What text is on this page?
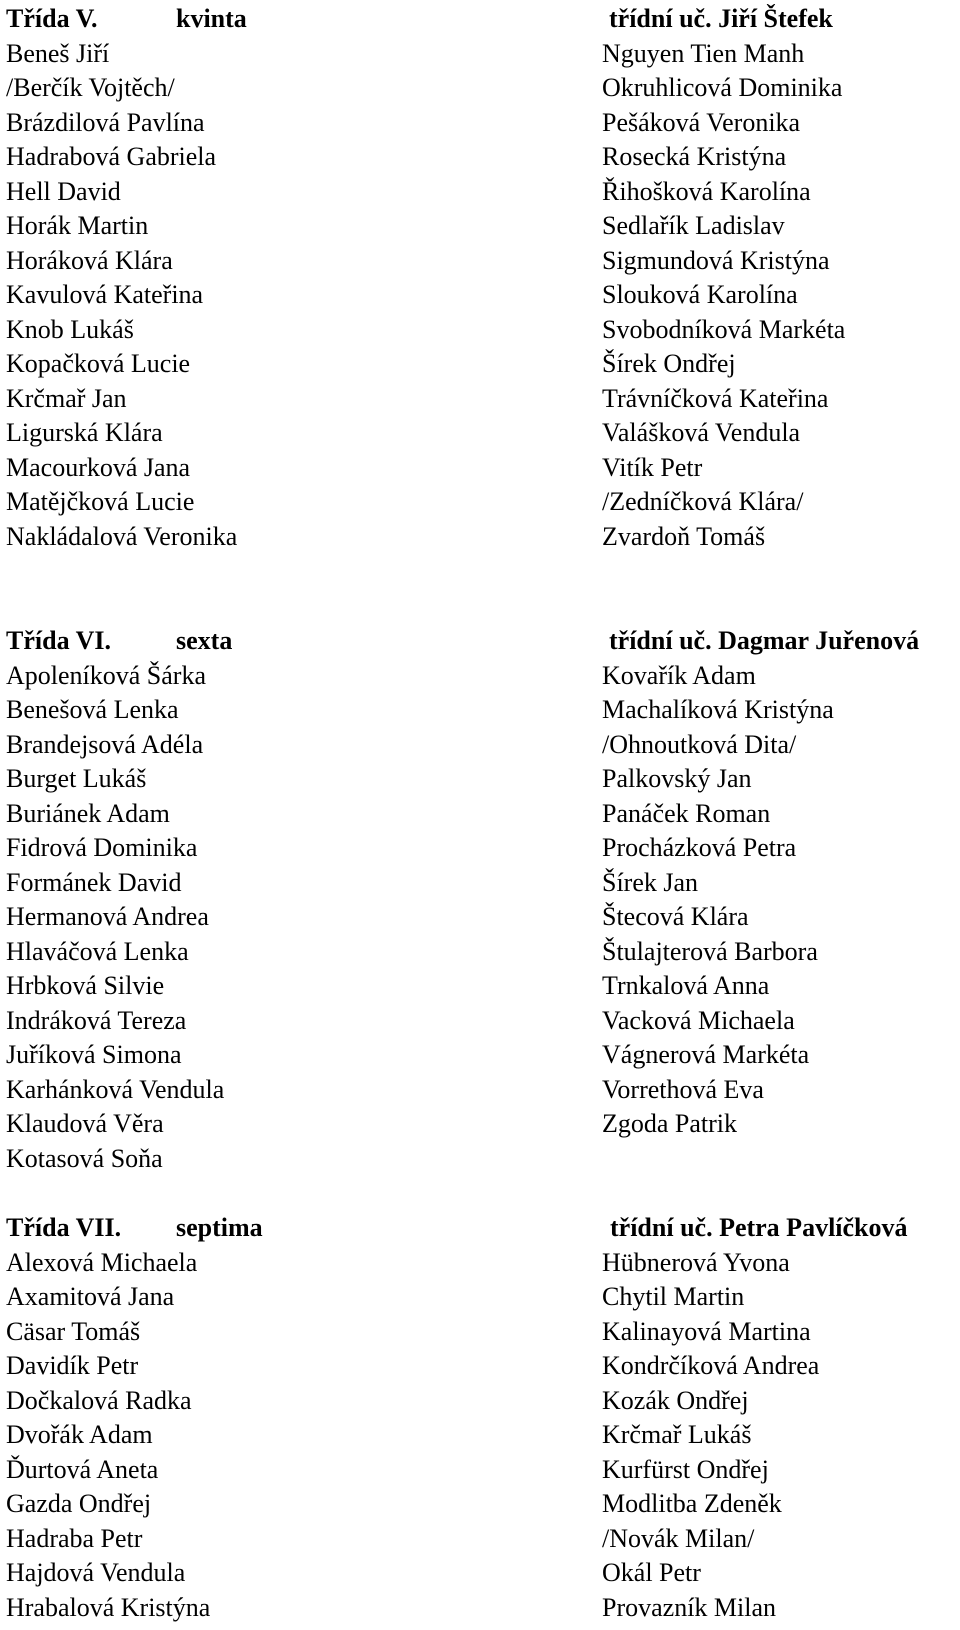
Třída V.	kvinta
Beneš Jiří
/Berčík Vojtěch/
Brázdilová Pavlína
Hadrabová Gabriela
Hell David
Horák Martin
Horáková Klára
Kavulová Kateřina
Knob Lukáš
Kopačková Lucie
Krčmař Jan
Ligurská Klára
Macourková Jana
Matějčková Lucie
Nakládalová Veronika
třídní uč. Jiří Štefek
Nguyen Tien Manh
Okruhlicová Dominika
Pešáková Veronika
Rosecká Kristýna
Řihošková Karolína
Sedlařík Ladislav
Sigmundová Kristýna
Slouková Karolína
Svobodníková Markéta
Šírek Ondřej
Trávníčková Kateřina
Valášková Vendula
Vitík Petr
/Zedníčková Klára/
Zvardoň Tomáš
Třída VI.	sexta
Apoleníková Šárka
Benešová Lenka
Brandejsová Adéla
Burget Lukáš
Buriánek Adam
Fidrová Dominika
Formánek David
Hermanová Andrea
Hlaváčová Lenka
Hrbková Silvie
Indráková Tereza
Juříková Simona
Karhánková Vendula
Klaudová Věra
Kotasová Soňa
třídní uč. Dagmar Juřenová
Kovařík Adam
Machalíková Kristýna
/Ohnoutková Dita/
Palkovský Jan
Panáček Roman
Procházková Petra
Šírek Jan
Štecová Klára
Štulajterová Barbora
Trnkalová Anna
Vacková Michaela
Vágnerová Markéta
Vorrethová Eva
Zgoda Patrik
Třída VII. septima
Alexová Michaela
Axamitová Jana
Cäsar Tomáš
Davidík Petr
Dočkalová Radka
Dvořák Adam
Ďurtová Aneta
Gazda Ondřej
Hadraba Petr
Hajdová Vendula
Hrabalová Kristýna
třídní uč. Petra Pavlíčková
Hübnerová Yvona
Chytil Martin
Kalinayová Martina
Kondrčíková Andrea
Kozák Ondřej
Krčmař Lukáš
Kurfürst Ondřej
Modlitba Zdeněk
/Novák Milan/
Okál Petr
Provazník Milan
